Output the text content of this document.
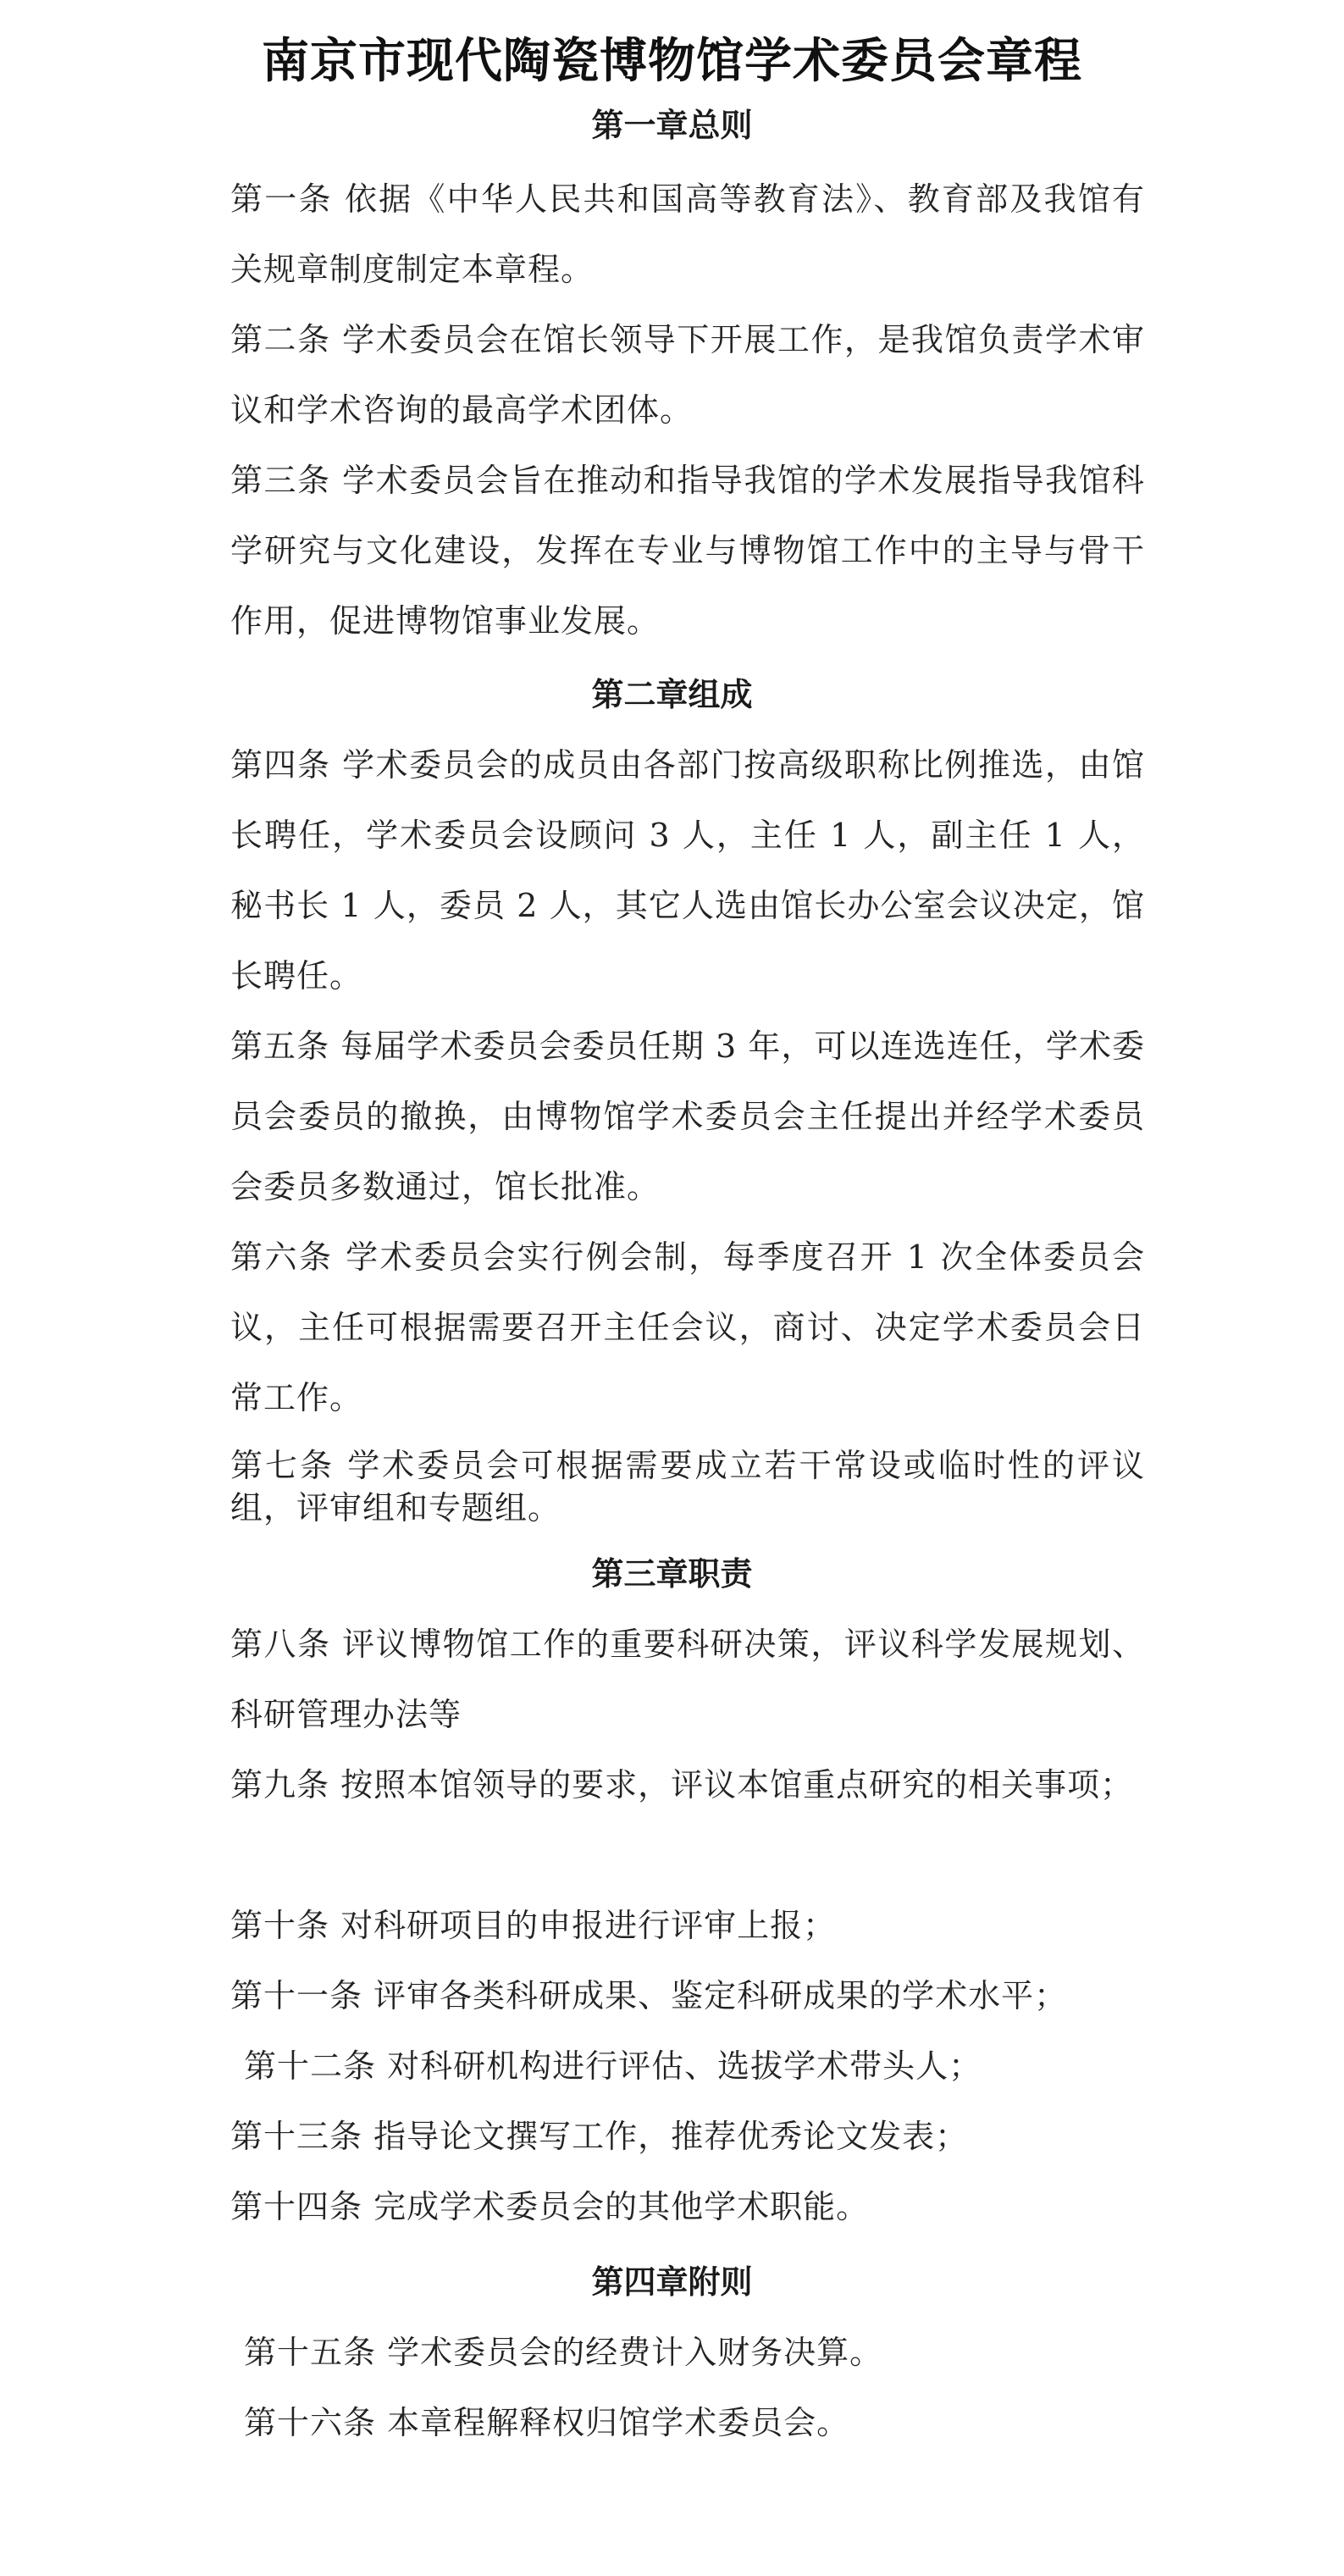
南京市现代陶瓷博物馆学术委员会章程
第一章总则
第一条 依据《中华人民共和国高等教育法》、教育部及我馆有关规章制度制定本章程。
第二条 学术委员会在馆长领导下开展工作，是我馆负责学术审议和学术咨询的最高学术团体。
第三条 学术委员会旨在推动和指导我馆的学术发展指导我馆科学研究与文化建设，发挥在专业与博物馆工作中的主导与骨干作用，促进博物馆事业发展。
第二章组成
第四条 学术委员会的成员由各部门按高级职称比例推选，由馆长聘任，学术委员会设顾问 3 人，主任 1 人，副主任 1 人，秘书长 1 人，委员 2 人，其它人选由馆长办公室会议决定，馆长聘任。
第五条 每届学术委员会委员任期 3 年，可以连选连任，学术委员会委员的撤换，由博物馆学术委员会主任提出并经学术委员会委员多数通过，馆长批准。
第六条 学术委员会实行例会制，每季度召开 1 次全体委员会议，主任可根据需要召开主任会议，商讨、决定学术委员会日常工作。
第七条 学术委员会可根据需要成立若干常设或临时性的评议组，评审组和专题组。
第三章职责
第八条 评议博物馆工作的重要科研决策，评议科学发展规划、科研管理办法等
第九条 按照本馆领导的要求，评议本馆重点研究的相关事项；
第十条 对科研项目的申报进行评审上报；
第十一条 评审各类科研成果、鉴定科研成果的学术水平；
第十二条 对科研机构进行评估、选拔学术带头人；
第十三条 指导论文撰写工作，推荐优秀论文发表；
第十四条 完成学术委员会的其他学术职能。
第四章附则
第十五条 学术委员会的经费计入财务决算。
第十六条 本章程解释权归馆学术委员会。
